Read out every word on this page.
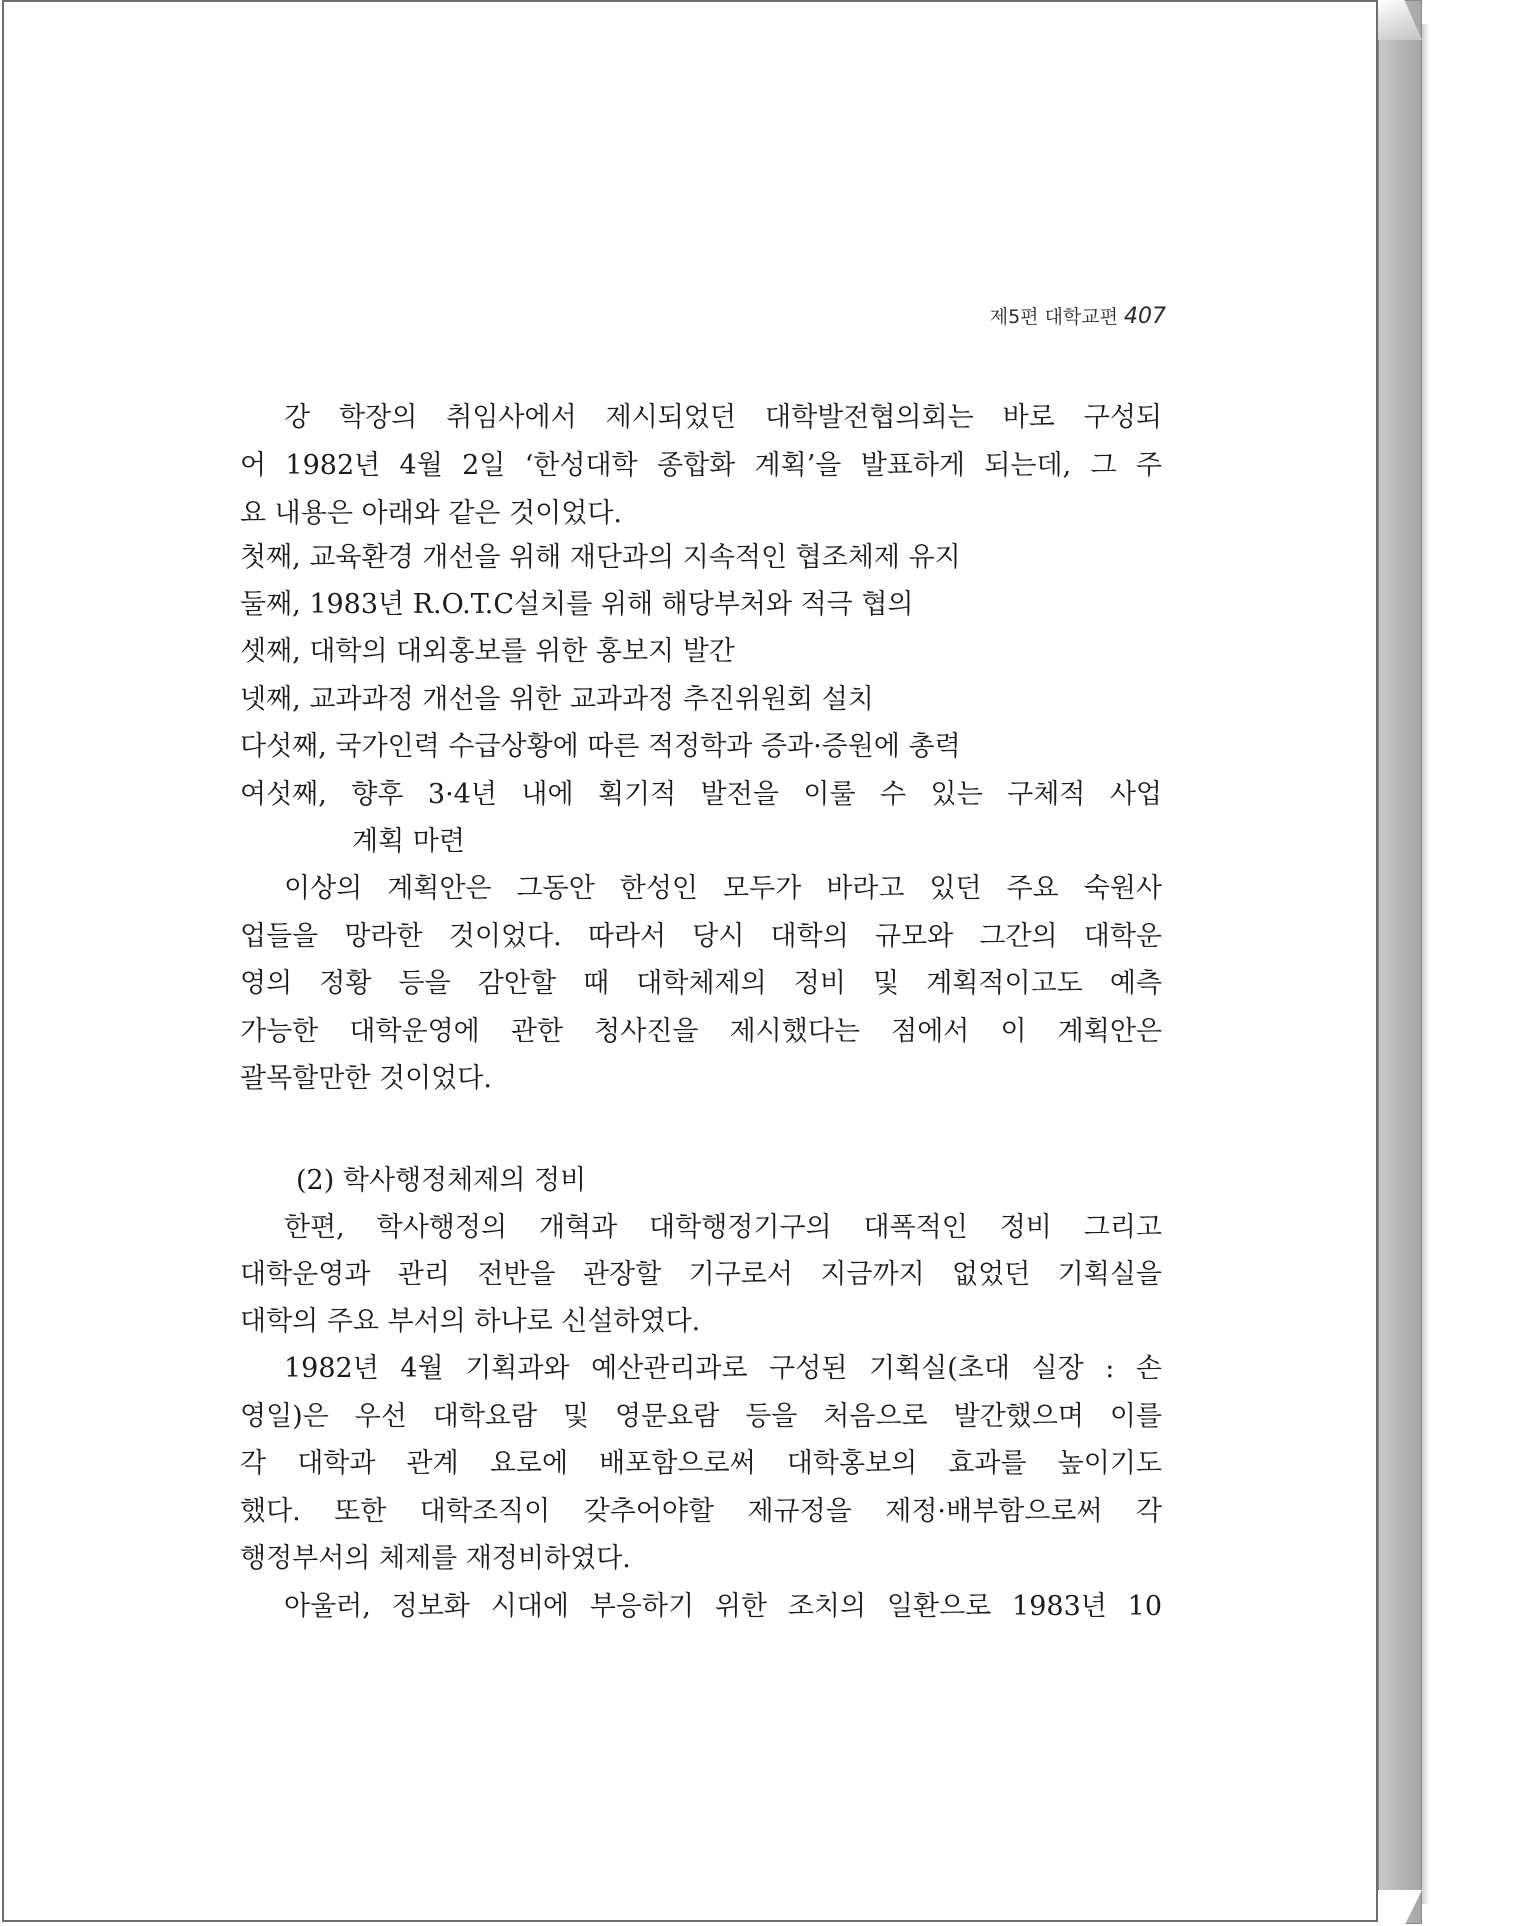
제5편 대학교편 407
강 학장의 취임사에서 제시되었던 대학발전협의회는 바로 구성되
어 1982년 4월 2일 ‘한성대학 종합화 계획’을 발표하게 되는데, 그 주
요 내용은 아래와 같은 것이었다.
첫째, 교육환경 개선을 위해 재단과의 지속적인 협조체제 유지
둘째, 1983년 R.O.T.C설치를 위해 해당부처와 적극 협의
셋째, 대학의 대외홍보를 위한 홍보지 발간
넷째, 교과과정 개선을 위한 교과과정 추진위원회 설치
다섯째, 국가인력 수급상황에 따른 적정학과 증과·증원에 총력
여섯째, 향후 3·4년 내에 획기적 발전을 이룰 수 있는 구체적 사업
계획 마련
이상의 계획안은 그동안 한성인 모두가 바라고 있던 주요 숙원사
업들을 망라한 것이었다. 따라서 당시 대학의 규모와 그간의 대학운
영의 정황 등을 감안할 때 대학체제의 정비 및 계획적이고도 예측
가능한 대학운영에 관한 청사진을 제시했다는 점에서 이 계획안은
괄목할만한 것이었다.
(2) 학사행정체제의 정비
한편, 학사행정의 개혁과 대학행정기구의 대폭적인 정비 그리고
대학운영과 관리 전반을 관장할 기구로서 지금까지 없었던 기획실을
대학의 주요 부서의 하나로 신설하였다.
1982년 4월 기획과와 예산관리과로 구성된 기획실(초대 실장 : 손
영일)은 우선 대학요람 및 영문요람 등을 처음으로 발간했으며 이를
각 대학과 관계 요로에 배포함으로써 대학홍보의 효과를 높이기도
했다. 또한 대학조직이 갖추어야할 제규정을 제정·배부함으로써 각
행정부서의 체제를 재정비하였다.
아울러, 정보화 시대에 부응하기 위한 조치의 일환으로 1983년 10
